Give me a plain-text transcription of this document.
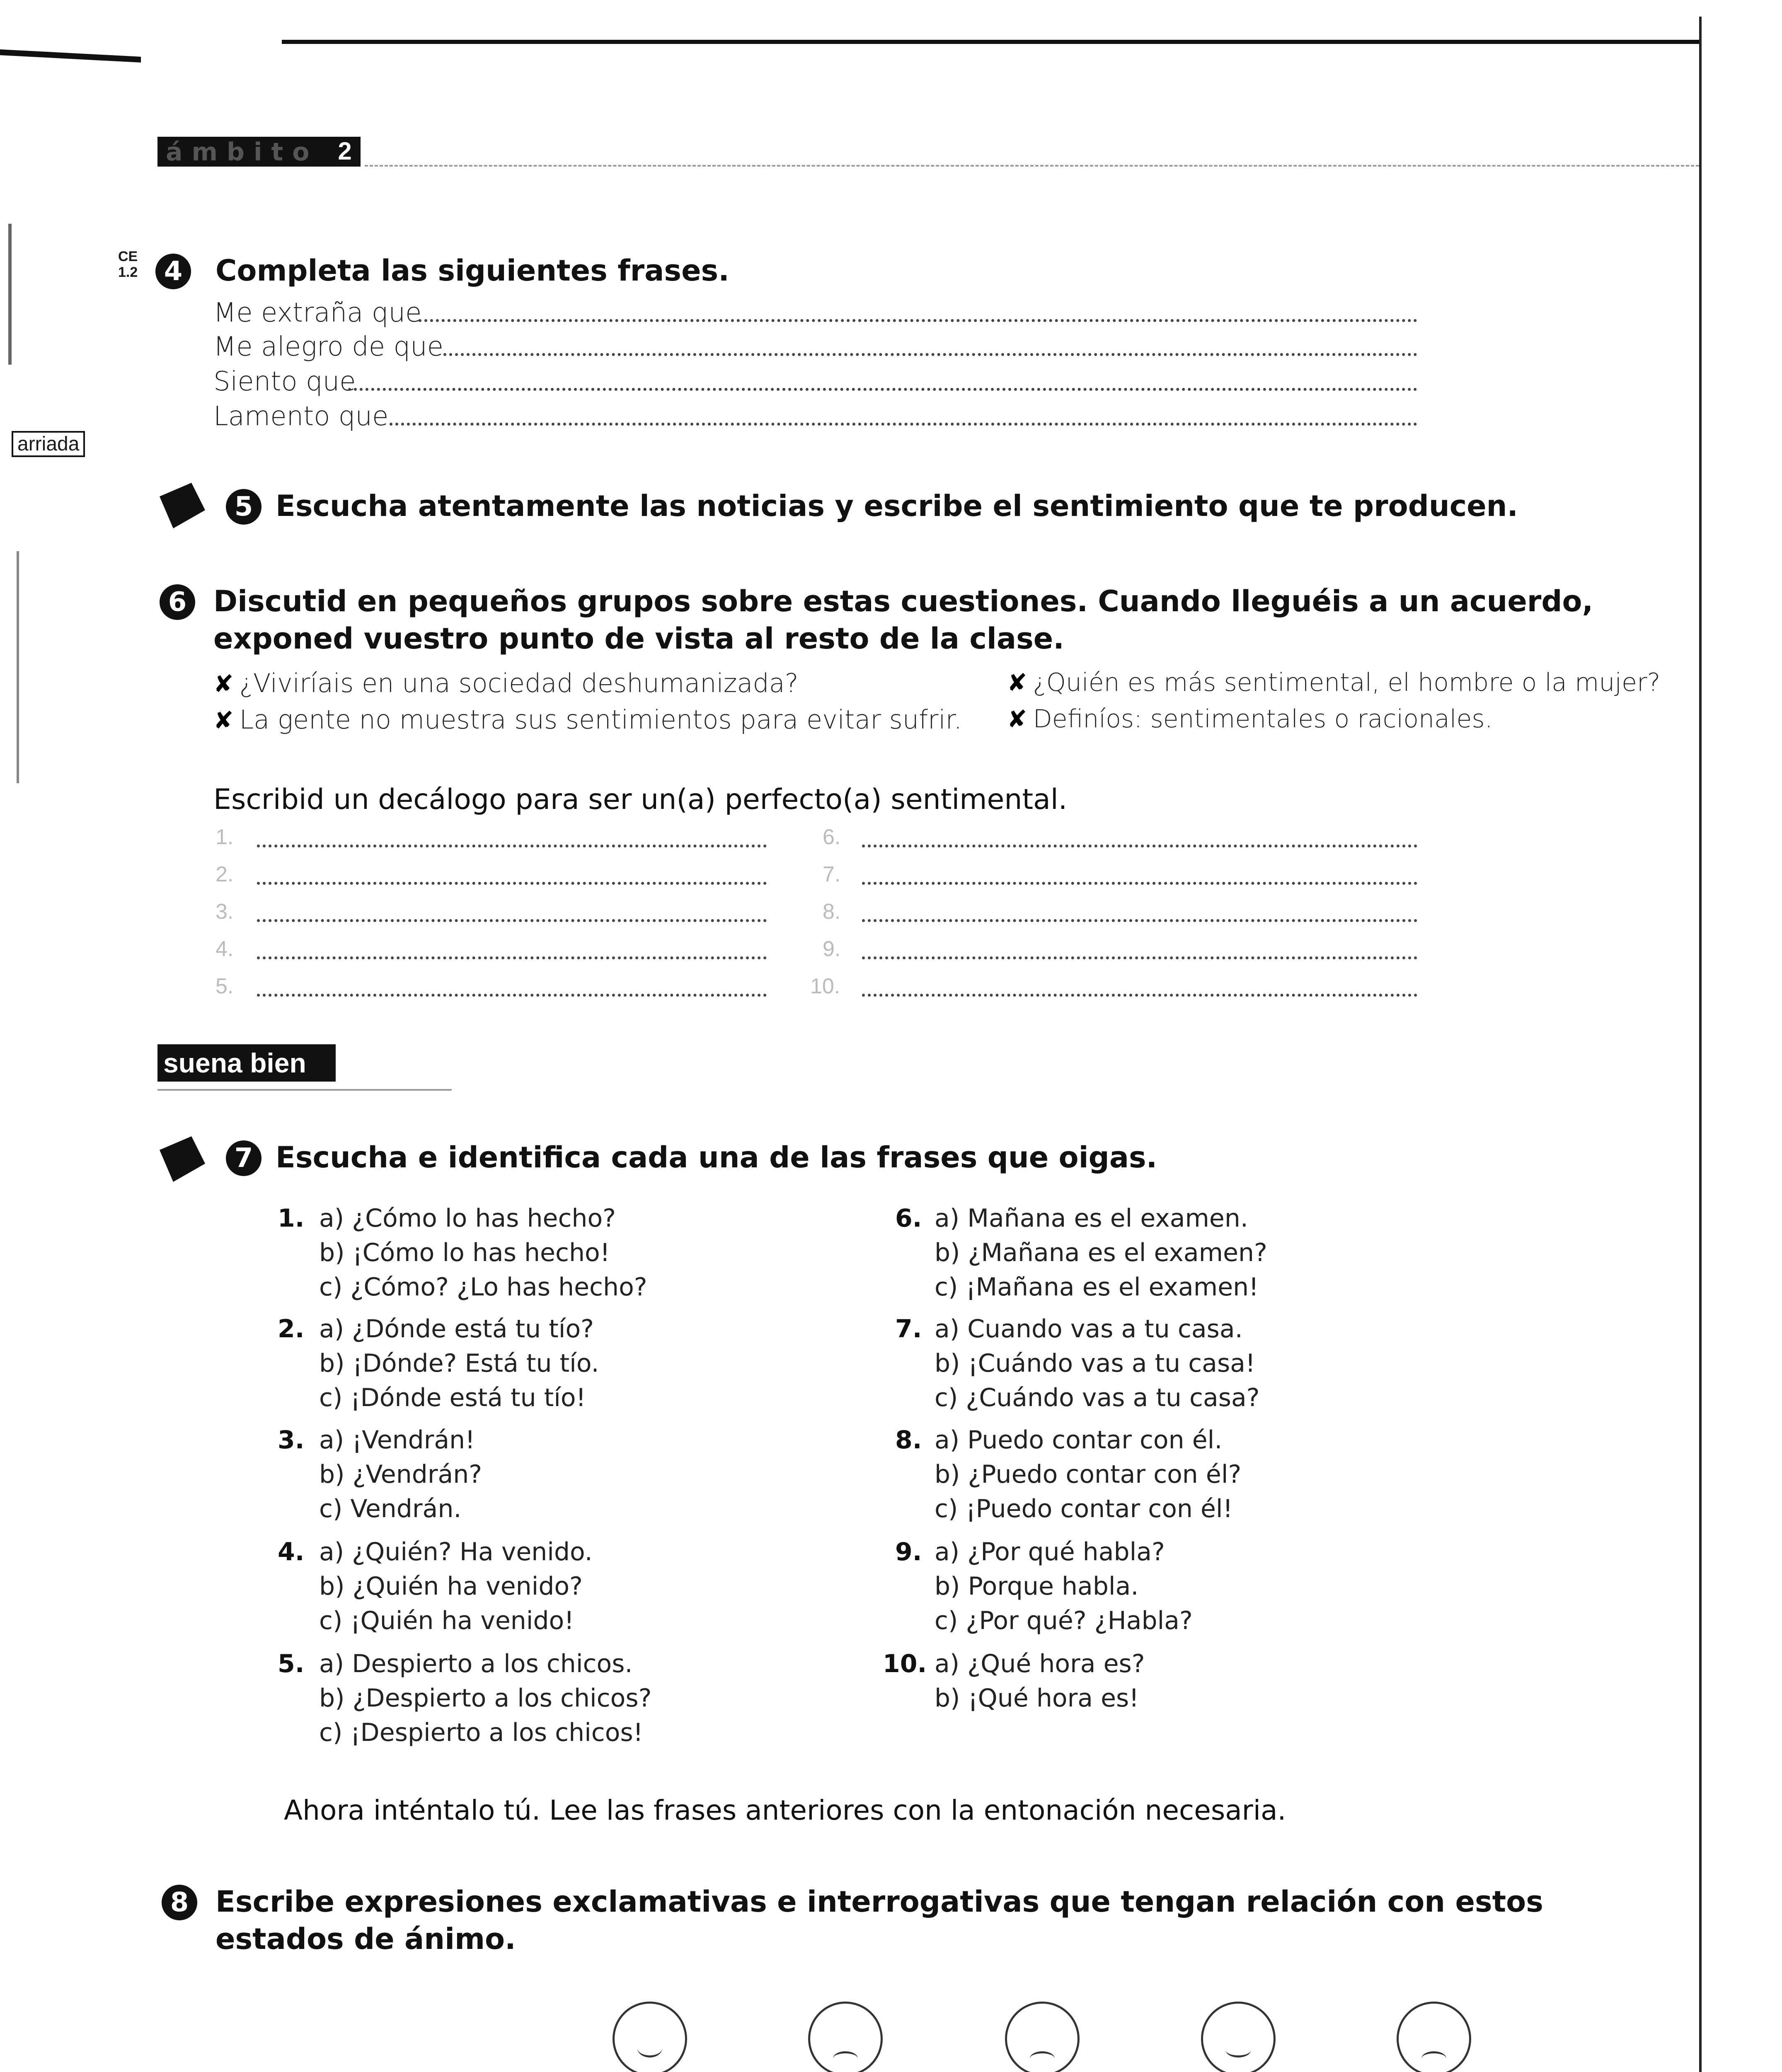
ámbito 2
arriada
CE 1.2 4 Completa las siguientes frases.
Me extraña que
Me alegro de que
Siento que
Lamento que
5 Escucha atentamente las noticias y escribe el sentimiento que te producen.
6 Discutid en pequeños grupos sobre estas cuestiones. Cuando lleguéis a un acuerdo,
exponed vuestro punto de vista al resto de la clase.
✘ ¿Viviríais en una sociedad deshumanizada?
✘ La gente no muestra sus sentimientos para evitar sufrir.
✘ ¿Quién es más sentimental, el hombre o la mujer?
✘ Definíos: sentimentales o racionales.
Escribid un decálogo para ser un(a) perfecto(a) sentimental.
1.
2.
3.
4.
5.
6.
7.
8.
9.
10.
suena bien
7 Escucha e identifica cada una de las frases que oigas.
1. a) ¿Cómo lo has hecho?
b) ¡Cómo lo has hecho!
c) ¿Cómo? ¿Lo has hecho?
2. a) ¿Dónde está tu tío?
b) ¡Dónde? Está tu tío.
c) ¡Dónde está tu tío!
3. a) ¡Vendrán!
b) ¿Vendrán?
c) Vendrán.
4. a) ¿Quién? Ha venido.
b) ¿Quién ha venido?
c) ¡Quién ha venido!
5. a) Despierto a los chicos.
b) ¿Despierto a los chicos?
c) ¡Despierto a los chicos!
6. a) Mañana es el examen.
b) ¿Mañana es el examen?
c) ¡Mañana es el examen!
7. a) Cuando vas a tu casa.
b) ¡Cuándo vas a tu casa!
c) ¿Cuándo vas a tu casa?
8. a) Puedo contar con él.
b) ¿Puedo contar con él?
c) ¡Puedo contar con él!
9. a) ¿Por qué habla?
b) Porque habla.
c) ¿Por qué? ¿Habla?
10. a) ¿Qué hora es?
b) ¡Qué hora es!
Ahora inténtalo tú. Lee las frases anteriores con la entonación necesaria.
8 Escribe expresiones exclamativas e interrogativas que tengan relación con estos
estados de ánimo.
